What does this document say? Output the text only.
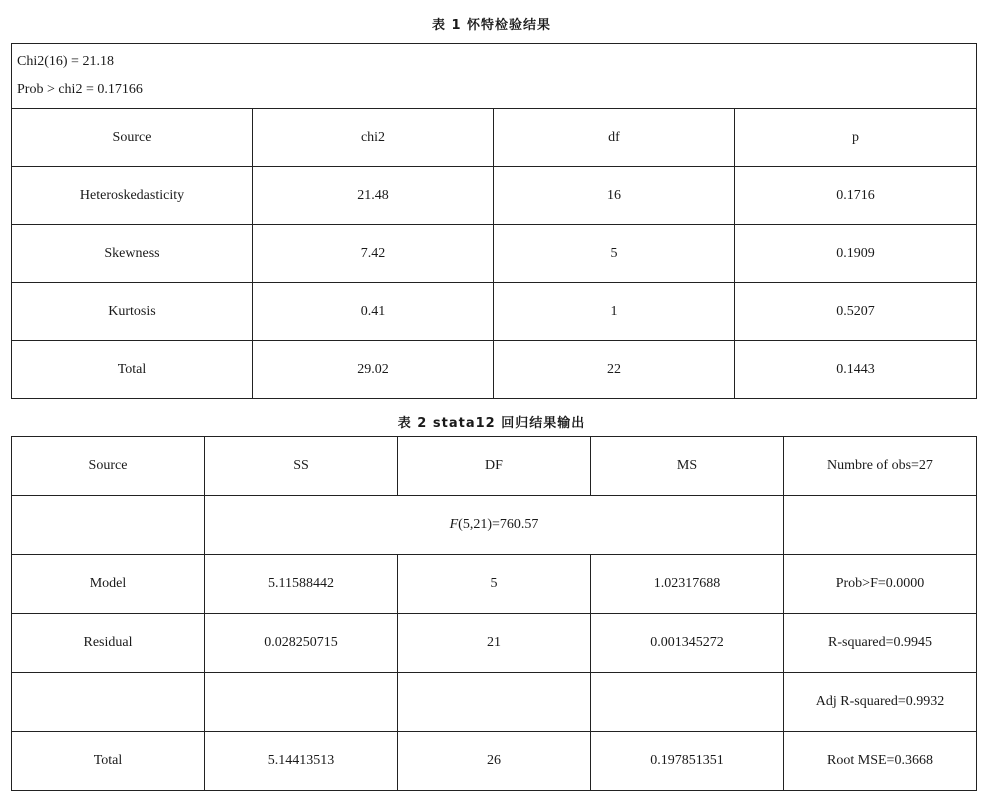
表 1 怀特检验结果
Chi2(16) = 21.18
Prob > chi2 = 0.17166			

Source	chi2	df	p
Heteroskedasticity	21.48	16	0.1716
Skewness	7.42	5	0.1909
Kurtosis	0.41	1	0.5207
Total	29.02	22	0.1443
表 2 stata12 回归结果输出
Source	SS	DF	MS	Numbre of obs=27
	F(5,21)=760.57			
Model	5.11588442	5	1.02317688	Prob>F=0.0000
Residual	0.028250715	21	0.001345272	R-squared=0.9945
				Adj R-squared=0.9932
Total	5.14413513	26	0.197851351	Root MSE=0.3668
